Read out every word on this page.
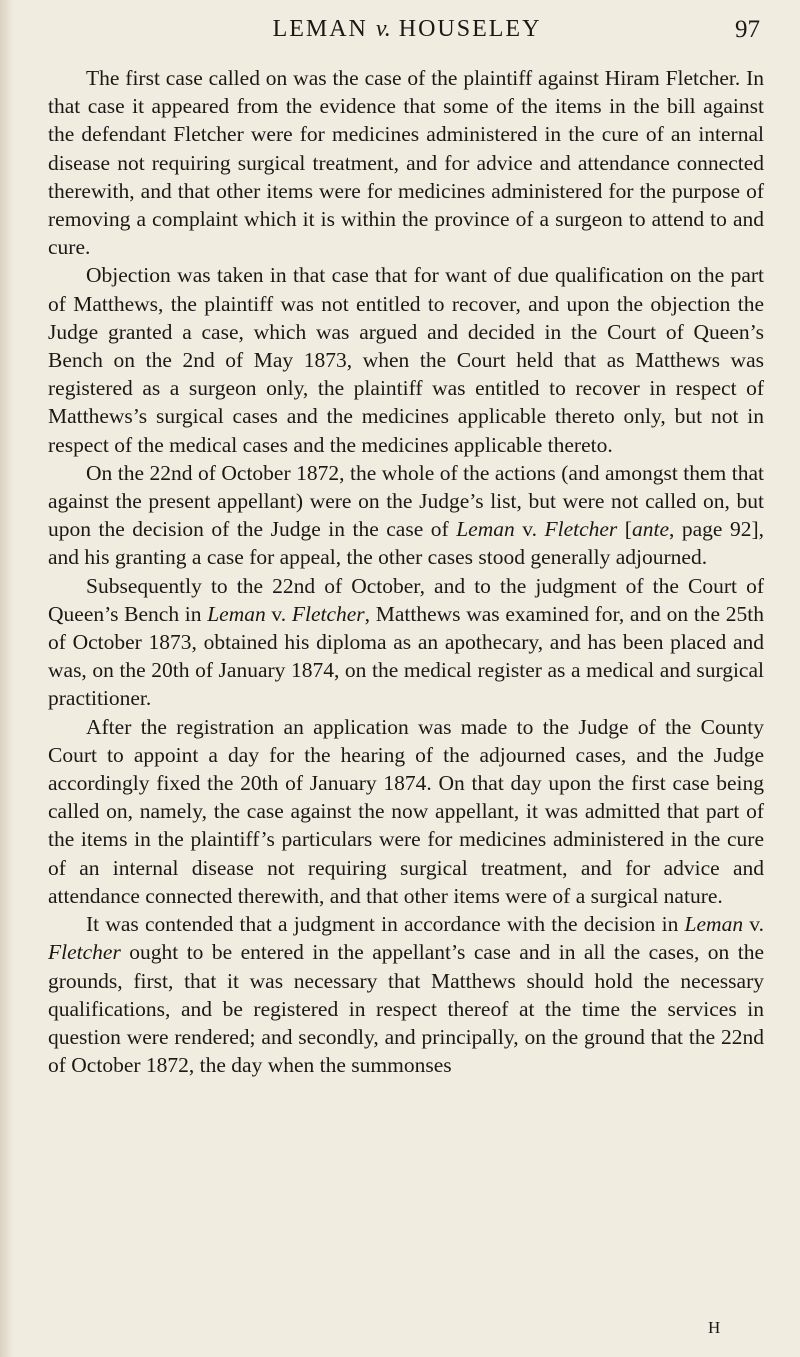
LEMAN v. HOUSELEY	97

The first case called on was the case of the plaintiff against Hiram Fletcher. In that case it appeared from the evidence that some of the items in the bill against the defendant Fletcher were for medicines administered in the cure of an internal disease not requiring surgical treatment, and for advice and attendance connected therewith, and that other items were for medicines administered for the purpose of removing a complaint which it is within the province of a surgeon to attend to and cure.

Objection was taken in that case that for want of due qualification on the part of Matthews, the plaintiff was not entitled to recover, and upon the objection the Judge granted a case, which was argued and decided in the Court of Queen’s Bench on the 2nd of May 1873, when the Court held that as Matthews was registered as a surgeon only, the plaintiff was entitled to recover in respect of Matthews’s surgical cases and the medicines applicable thereto only, but not in respect of the medical cases and the medicines applicable thereto.

On the 22nd of October 1872, the whole of the actions (and amongst them that against the present appellant) were on the Judge’s list, but were not called on, but upon the decision of the Judge in the case of Leman v. Fletcher [ante, page 92], and his granting a case for appeal, the other cases stood generally adjourned.

Subsequently to the 22nd of October, and to the judgment of the Court of Queen’s Bench in Leman v. Fletcher, Matthews was examined for, and on the 25th of October 1873, obtained his diploma as an apothecary, and has been placed and was, on the 20th of January 1874, on the medical register as a medical and surgical practitioner.

After the registration an application was made to the Judge of the County Court to appoint a day for the hearing of the adjourned cases, and the Judge accordingly fixed the 20th of January 1874. On that day upon the first case being called on, namely, the case against the now appellant, it was admitted that part of the items in the plaintiff’s particulars were for medicines administered in the cure of an internal disease not requiring surgical treatment, and for advice and attendance connected therewith, and that other items were of a surgical nature.

It was contended that a judgment in accordance with the decision in Leman v. Fletcher ought to be entered in the appellant’s case and in all the cases, on the grounds, first, that it was necessary that Matthews should hold the necessary qualifications, and be registered in respect thereof at the time the services in question were rendered; and secondly, and principally, on the ground that the 22nd of October 1872, the day when the summonses

H
